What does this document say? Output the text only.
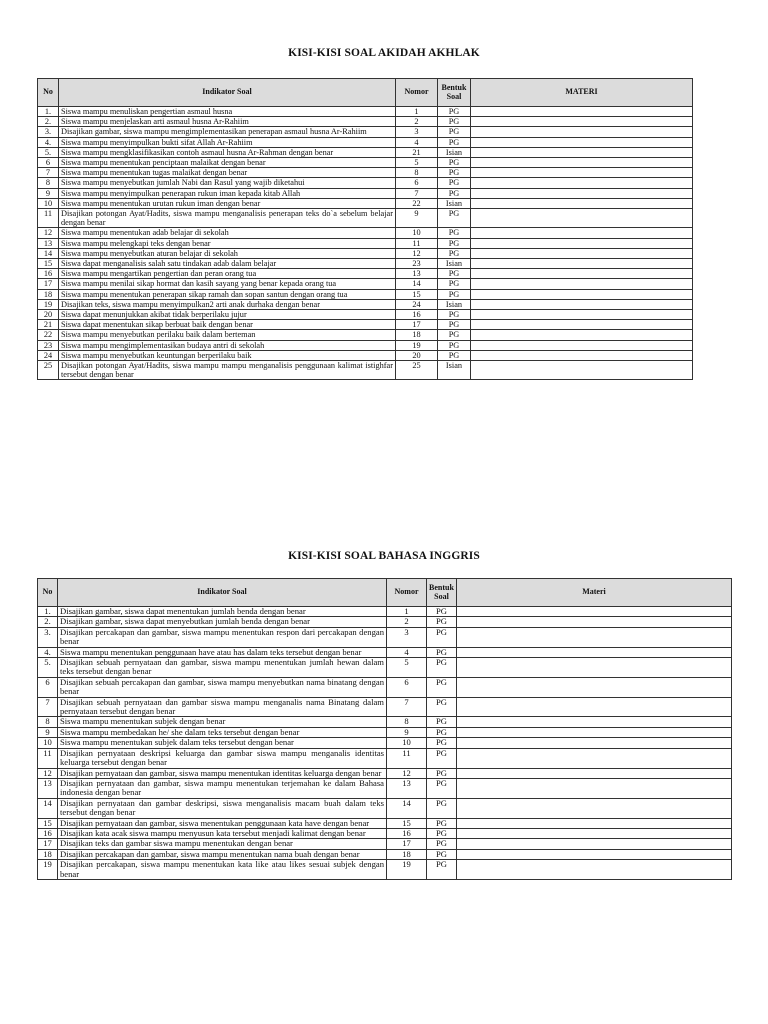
KISI-KISI SOAL AKIDAH AKHLAK
No	Indikator Soal	Nomor	Bentuk Soal	MATERI
1.	Siswa mampu menuliskan pengertian asmaul husna	1	PG	
2.	Siswa mampu menjelaskan arti asmaul husna Ar-Rahiim	2	PG	
3.	Disajikan gambar, siswa mampu mengimplementasikan penerapan asmaul husna Ar-Rahiim	3	PG	
4.	Siswa mampu menyimpulkan bukti sifat Allah Ar-Rahiim	4	PG	
5.	Siswa mampu mengklasifikasikan contoh asmaul husna Ar-Rahman dengan benar	21	Isian	
6	Siswa mampu menentukan penciptaan malaikat dengan benar	5	PG	
7	Siswa mampu menentukan tugas malaikat dengan benar	8	PG	
8	Siswa mampu menyebutkan jumlah Nabi dan Rasul yang wajib diketahui	6	PG	
9	Siswa mampu menyimpulkan penerapan rukun iman kepada kitab Allah	7	PG	
10	Siswa mampu menentukan urutan rukun iman dengan benar	22	Isian	
11	Disajikan potongan Ayat/Hadits, siswa mampu menganalisis penerapan teks do`a sebelum belajar dengan benar	9	PG	
12	Siswa mampu menentukan adab belajar di sekolah	10	PG	
13	Siswa mampu melengkapi teks dengan benar	11	PG	
14	Siswa mampu menyebutkan aturan belajar di sekolah	12	PG	
15	Siswa dapat menganalisis salah satu tindakan adab dalam belajar	23	Isian	
16	Siswa mampu mengartikan pengertian dan peran orang tua	13	PG	
17	Siswa mampu menilai sikap hormat dan kasih sayang yang benar kepada orang tua	14	PG	
18	Siswa mampu menentukan penerapan sikap ramah dan sopan santun dengan orang tua	15	PG	
19	Disajikan teks, siswa mampu menyimpulkan2 arti anak durhaka dengan benar	24	Isian	
20	Siswa dapat menunjukkan akibat tidak berperilaku jujur	16	PG	
21	Siswa dapat menentukan sikap berbuat baik dengan benar	17	PG	
22	Siswa mampu menyebutkan perilaku baik dalam berteman	18	PG	
23	Siswa mampu mengimplementasikan budaya antri di sekolah	19	PG	
24	Siswa mampu menyebutkan keuntungan berperilaku baik	20	PG	
25	Disajikan potongan Ayat/Hadits, siswa mampu mampu menganalisis penggunaan kalimat istighfar tersebut dengan benar	25	Isian	
KISI-KISI SOAL BAHASA INGGRIS
No	Indikator Soal	Nomor	Bentuk Soal	Materi
1.	Disajikan gambar, siswa dapat menentukan jumlah benda dengan benar	1	PG	
2.	Disajikan gambar, siswa dapat menyebutkan jumlah benda dengan benar	2	PG	
3.	Disajikan percakapan dan gambar, siswa mampu menentukan respon dari percakapan dengan benar	3	PG	
4.	Siswa mampu menentukan penggunaan have atau has dalam teks tersebut dengan benar	4	PG	
5.	Disajikan sebuah pernyataan dan gambar, siswa mampu menentukan jumlah hewan dalam teks tersebut dengan benar	5	PG	
6	Disajikan sebuah percakapan dan gambar, siswa mampu menyebutkan nama binatang dengan benar	6	PG	
7	Disajikan sebuah pernyataan dan gambar siswa mampu menganalis nama Binatang dalam pernyataan tersebut dengan benar	7	PG	
8	Siswa mampu menentukan subjek dengan benar	8	PG	
9	Siswa mampu membedakan he/ she dalam teks tersebut dengan benar	9	PG	
10	Siswa mampu menentukan subjek dalam teks tersebut dengan benar	10	PG	
11	Disajikan pernyataan deskripsi keluarga dan gambar siswa mampu menganalis identitas keluarga tersebut dengan benar	11	PG	
12	Disajikan pernyataan dan gambar, siswa mampu menentukan identitas keluarga dengan benar	12	PG	
13	Disajikan pernyataan dan gambar, siswa mampu menentukan terjemahan ke dalam Bahasa indonesia dengan benar	13	PG	
14	Disajikan pernyataan dan gambar deskripsi, siswa menganalisis macam buah dalam teks tersebut dengan benar	14	PG	
15	Disajikan pernyataan dan gambar, siswa menentukan penggunaan kata have dengan benar	15	PG	
16	Disajikan kata acak siswa mampu menyusun kata tersebut menjadi kalimat dengan benar	16	PG	
17	Disajikan teks dan gambar siswa mampu menentukan dengan benar	17	PG	
18	Disajikan percakapan dan gambar, siswa mampu menentukan nama buah dengan benar	18	PG	
19	Disajikan percakapan, siswa mampu menentukan kata like atau likes sesuai subjek dengan benar	19	PG	
